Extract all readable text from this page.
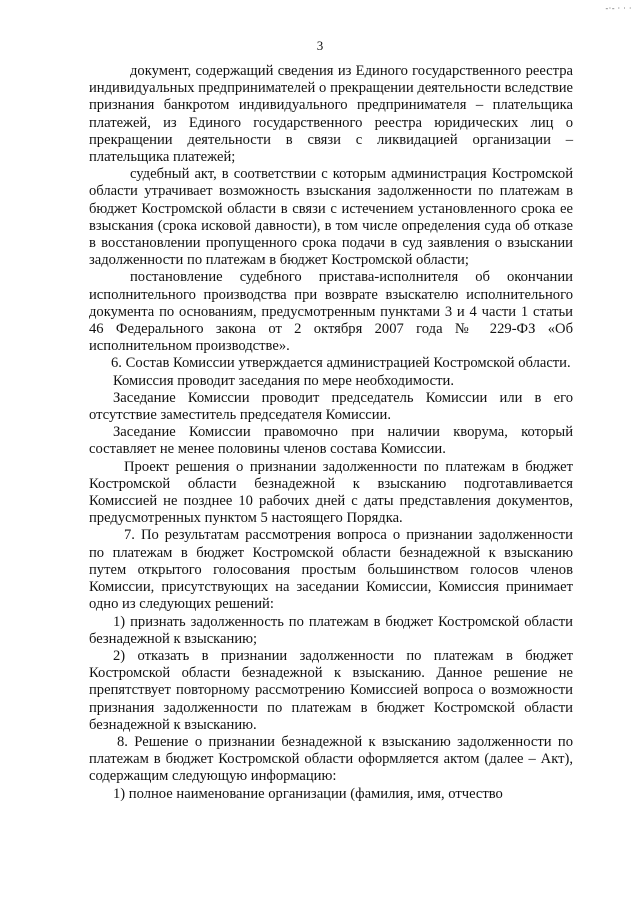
-·- · · ·
3

документ, содержащий сведения из Единого государственного реестра индивидуальных предпринимателей о прекращении деятельности вследствие признания банкротом индивидуального предпринимателя – плательщика платежей, из Единого государственного реестра юридических лиц о прекращении деятельности в связи с ликвидацией организации – плательщика платежей;

судебный акт, в соответствии с которым администрация Костромской области утрачивает возможность взыскания задолженности по платежам в бюджет Костромской области в связи с истечением установленного срока ее взыскания (срока исковой давности), в том числе определения суда об отказе в восстановлении пропущенного срока подачи в суд заявления о взыскании задолженности по платежам в бюджет Костромской области;

постановление судебного пристава-исполнителя об окончании исполнительного производства при возврате взыскателю исполнительного документа по основаниям, предусмотренным пунктами 3 и 4 части 1 статьи 46 Федерального закона от 2 октября 2007 года № 229-ФЗ «Об исполнительном производстве».

6. Состав Комиссии утверждается администрацией Костромской области.

Комиссия проводит заседания по мере необходимости.

Заседание Комиссии проводит председатель Комиссии или в его отсутствие заместитель председателя Комиссии.

Заседание Комиссии правомочно при наличии кворума, который составляет не менее половины членов состава Комиссии.

Проект решения о признании задолженности по платежам в бюджет Костромской области безнадежной к взысканию подготавливается Комиссией не позднее 10 рабочих дней с даты представления документов, предусмотренных пунктом 5 настоящего Порядка.

7. По результатам рассмотрения вопроса о признании задолженности по платежам в бюджет Костромской области безнадежной к взысканию путем открытого голосования простым большинством голосов членов Комиссии, присутствующих на заседании Комиссии, Комиссия принимает одно из следующих решений:

1) признать задолженность по платежам в бюджет Костромской области безнадежной к взысканию;

2) отказать в признании задолженности по платежам в бюджет Костромской области безнадежной к взысканию. Данное решение не препятствует повторному рассмотрению Комиссией вопроса о возможности признания задолженности по платежам в бюджет Костромской области безнадежной к взысканию.

8. Решение о признании безнадежной к взысканию задолженности по платежам в бюджет Костромской области оформляется актом (далее – Акт), содержащим следующую информацию:

1) полное наименование организации (фамилия, имя, отчество
